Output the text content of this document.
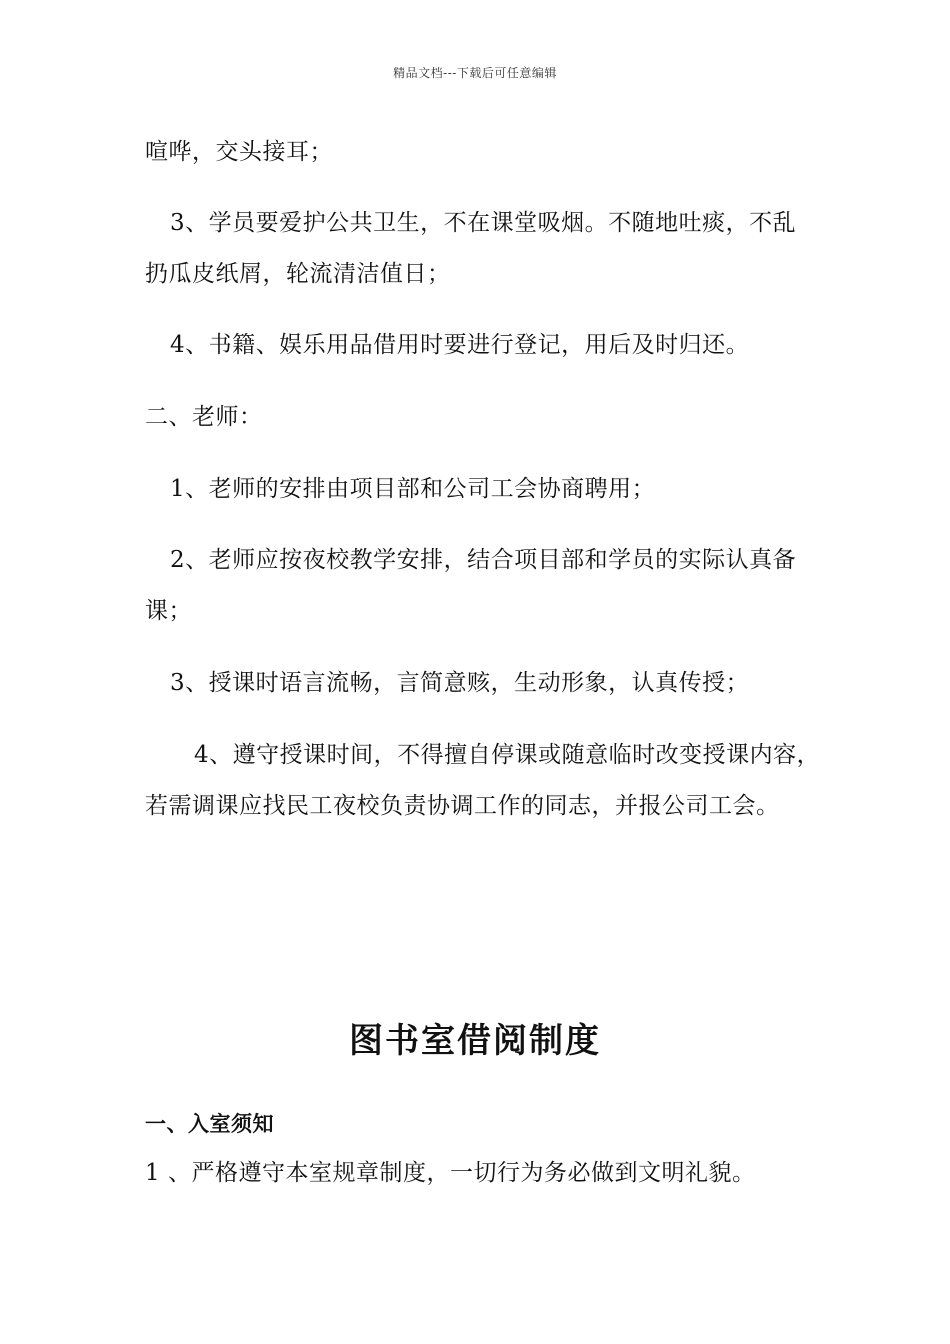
精品文档---下载后可任意编辑
喧哗，交头接耳；
3、学员要爱护公共卫生，不在课堂吸烟。不随地吐痰，不乱
扔瓜皮纸屑，轮流清洁值日；
4、书籍、娱乐用品借用时要进行登记，用后及时归还。
二、老师：
1、老师的安排由项目部和公司工会协商聘用；
2、老师应按夜校教学安排，结合项目部和学员的实际认真备
课；
3、授课时语言流畅，言简意赅，生动形象，认真传授；
4、遵守授课时间，不得擅自停课或随意临时改变授课内容，
若需调课应找民工夜校负责协调工作的同志，并报公司工会。
图书室借阅制度
一、入室须知
1 、严格遵守本室规章制度，一切行为务必做到文明礼貌。
